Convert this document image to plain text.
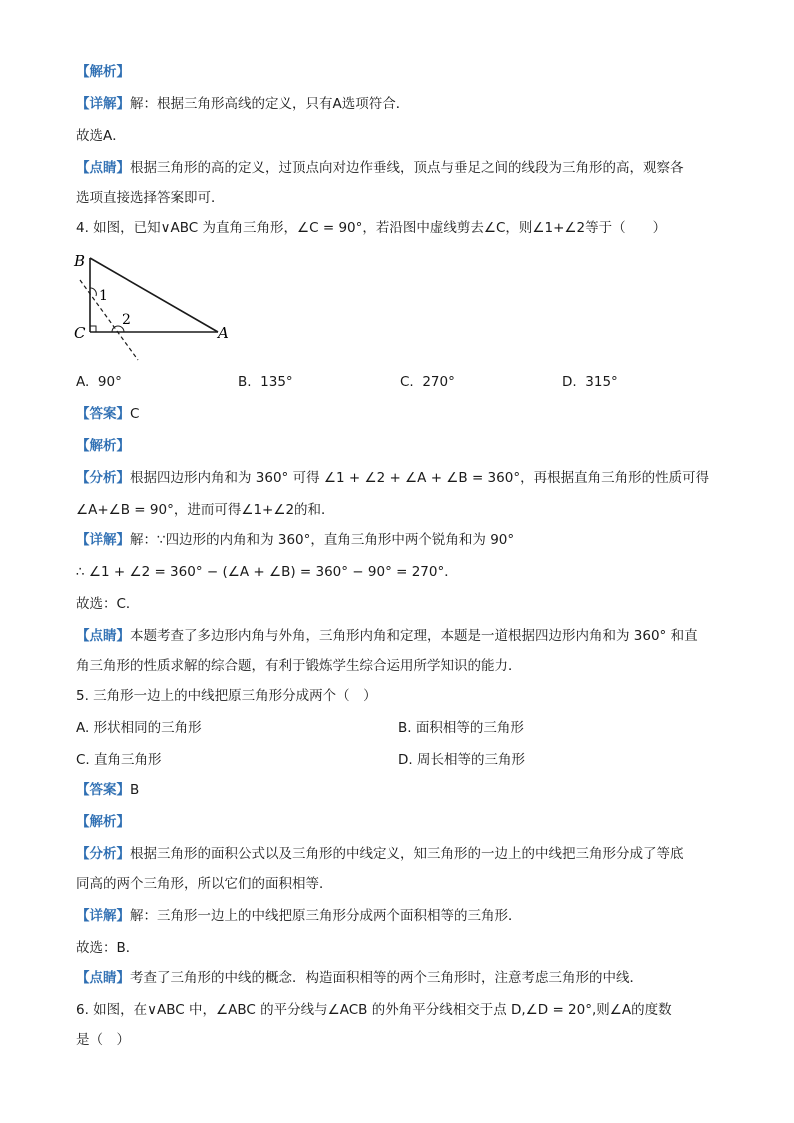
【解析】
【详解】解：根据三角形高线的定义，只有A选项符合．
故选A．
【点睛】根据三角形的高的定义，过顶点向对边作垂线，顶点与垂足之间的线段为三角形的高，观察各
选项直接选择答案即可．
4. 如图，已知∨ABC 为直角三角形，∠C = 90°，若沿图中虚线剪去∠C，则∠1+∠2等于（　　）
B
C	A
1
2
A. 90°	B. 135°	C. 270°	D. 315°
【答案】C
【解析】
【分析】根据四边形内角和为 360° 可得 ∠1 + ∠2 + ∠A + ∠B = 360°，再根据直角三角形的性质可得
∠A+∠B = 90°，进而可得∠1+∠2的和．
【详解】解：∵四边形的内角和为 360°，直角三角形中两个锐角和为 90°
∴ ∠1 + ∠2 = 360° − (∠A + ∠B) = 360° − 90° = 270°．
故选：C．
【点睛】本题考查了多边形内角与外角，三角形内角和定理，本题是一道根据四边形内角和为 360° 和直
角三角形的性质求解的综合题，有利于锻炼学生综合运用所学知识的能力．
5. 三角形一边上的中线把原三角形分成两个（　）
A. 形状相同的三角形	B. 面积相等的三角形
C. 直角三角形	D. 周长相等的三角形
【答案】B
【解析】
【分析】根据三角形的面积公式以及三角形的中线定义，知三角形的一边上的中线把三角形分成了等底
同高的两个三角形，所以它们的面积相等．
【详解】解：三角形一边上的中线把原三角形分成两个面积相等的三角形．
故选：B．
【点睛】考查了三角形的中线的概念．构造面积相等的两个三角形时，注意考虑三角形的中线．
6. 如图，在∨ABC 中，∠ABC 的平分线与∠ACB 的外角平分线相交于点 D,∠D = 20°,则∠A的度数
是（　）
